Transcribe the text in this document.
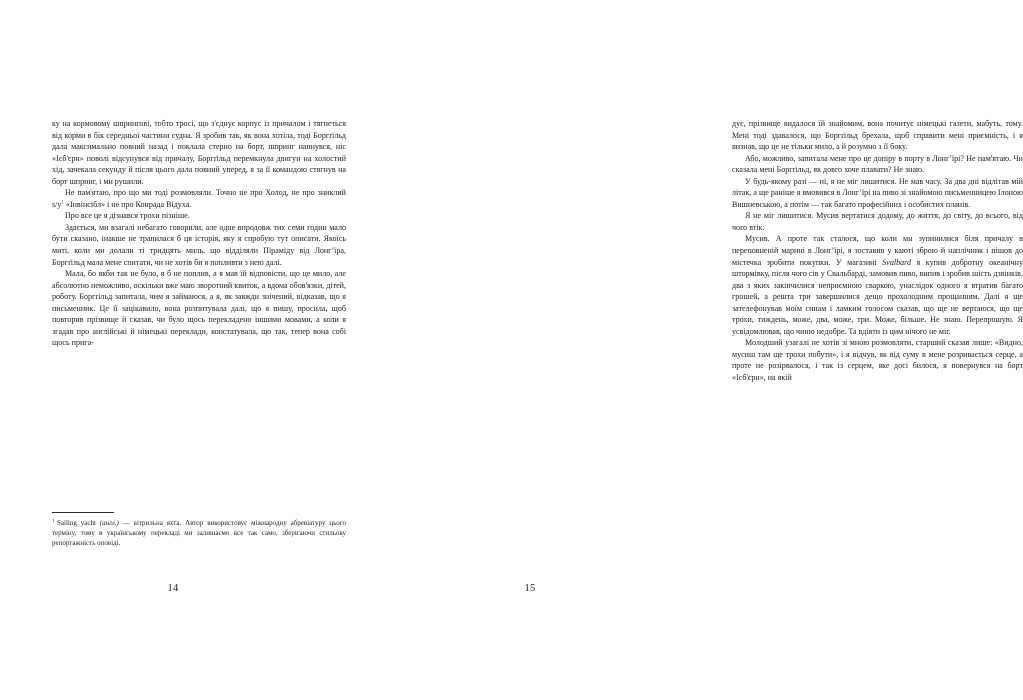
ку на кормовому шпрингові, тобто тросі, що з'єднує корпус із причалом і тягнеться від корми в бік середньої частини судна. Я зробив так, як вона хотіла, тоді Боргґільд дала максимально повний назад і поклала стерно на борт, шпринг напнувся, ніс «Ісб'єрн» поволі відсунувся від причалу, Боргґільд перемкнула двигун на холостий хід, зачекала секунду й після цього дала повний уперед, я за її командою стягнув на борт шпринг, і ми рушили.

Не пам'ятаю, про що ми тоді розмовляли. Точно не про Холод, не про зниклий s/y$^1$ «Інвінсібл» і не про Конрада Відуха.

Про все це я дізнався трохи пізніше.

Здається, ми взагалі небагато говорили, але одне впродовж тих семи годин мало бути сказано, інакше не трапилася б ця історія, яку я спробую тут описати. Якоїсь миті, коли ми долали ті тридцять миль, що відділяли Піраміду від Лонгʼїра, Боргґільд мала мене спитати, чи не хотів би я попливти з нею далі.

Мала, бо якби так не було, я б не поплив, а я мав їй відповісти, що це мило, але абсолютно неможливо, оскільки вже маю зворотний квиток, а вдома обов'язки, дітей, роботу. Боргґільд запитала, чим я займаюся, а я, як завжди знічений, відказав, що я письменник. Це її зацікавило, вона розпитувала далі, що я пишу, просила, щоб повторив прізвище й сказав, чи було щось перекладено іншими мовами, а коли я згадав про англійські й німецькі переклади, констатувала, що так, тепер вона собі щось прига-

$^1$ Sailing yacht (англ.) — вітрильна яхта. Автор використовує міжнародну абревіатуру цього терміну, тому в українському перекладі ми залишаємо все так само, зберігаючи стильову репортажність оповіді.

14

дує, прізвище видалося їй знайомим, вона почитує німецькі газети, мабуть, тому. Мені тоді здавалося, що Боргґільд брехала, щоб справити мені приємність, і я визнав, що це не тільки мило, а й розумно з її боку.

Або, можливо, запитала мене про це допіру в порту в Лонгʼїрі? Не пам'ятаю. Чи сказала мені Боргґільд, як довго хоче плавати? Не знаю.

У будь-якому разі — ні, я не міг лишитися. Не мав часу. За два дні відлітав мій літак, а ще раніше я вмовився в Лонгʼїрі на пиво зі знайомою письменницею Ілоною Вишневською, а потім — так багато професійних і особистих планів.

Я не міг лишитися. Мусив вертатися додому, до життя, до світу, до всього, від чого втік.

Мусив. А проте так сталося, що коли ми зупинилися біля причалу в переповненій марині в Лонгʼїрі, я зоставив у каюті зброю й наплічник і пішов до містечка зробити покупки. У магазині Svalbard я купив добротну океанічну штормівку, після чого сів у Свальбарді, замовив пиво, випив і зробив шість дзвінків, два з яких закінчилися неприємною сваркою, унаслідок одного я втратив багато грошей, а решта три завершилися дещо прохолодним прощанням. Далі я ще зателефонував моїм синам і ламким голосом сказав, що ще не вертаюся, що ще трохи, тиждень, може, два, може, три. Може, більше. Не знаю. Перепрошую. Я усвідомлював, що чиню недобре. Та вдіяти із цим нічого не міг.

Молодший узагалі не хотів зі мною розмовляти, старший сказав лише: «Видно, мусиш там ще трохи побути», і я відчув, як від суму в мене розривається серце, а проте не розірвалося, і так із серцем, яке досі билося, я повернувся на борт «Ісб'єрн», на якій

15
